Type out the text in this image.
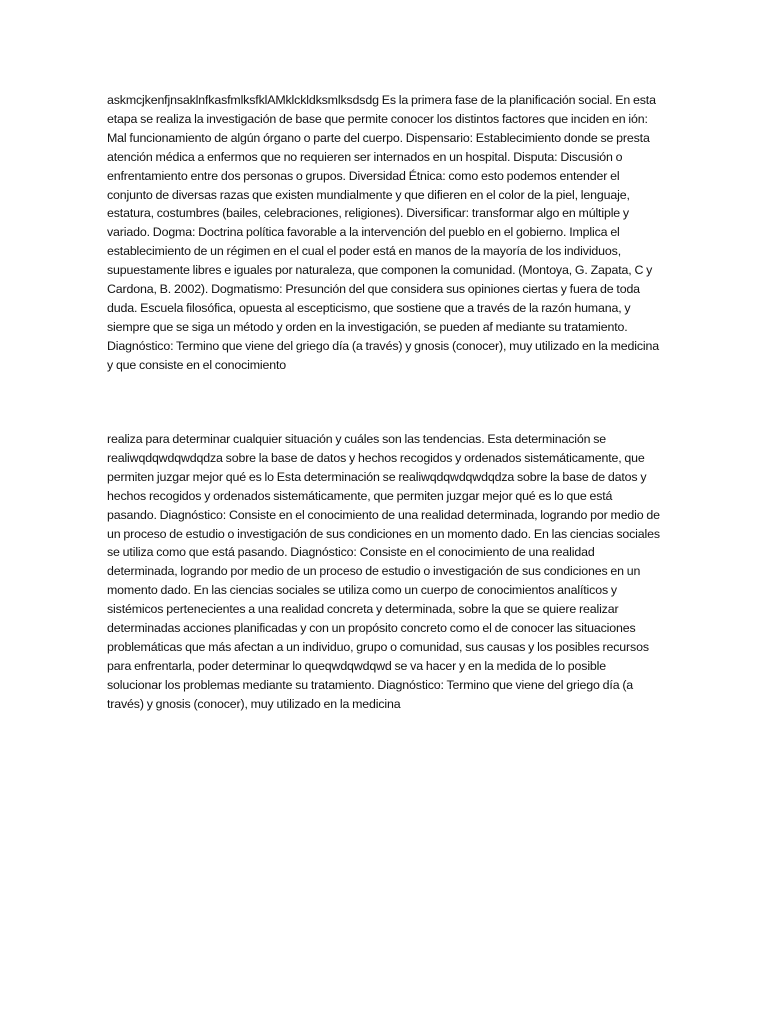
askmcjkenfjnsaklnfkasfmlksfklAMklckldksmlksdsdg Es la primera fase de la planificación social. En esta etapa se realiza la investigación de base que permite conocer los distintos factores que inciden en ión: Mal funcionamiento de algún órgano o parte del cuerpo. Dispensario: Establecimiento donde se presta atención médica a enfermos que no requieren ser internados en un hospital. Disputa: Discusión o enfrentamiento entre dos personas o grupos. Diversidad Étnica: como esto podemos entender el conjunto de diversas razas que existen mundialmente y que difieren en el color de la piel, lenguaje, estatura, costumbres (bailes, celebraciones, religiones). Diversificar: transformar algo en múltiple y variado. Dogma: Doctrina política favorable a la intervención del pueblo en el gobierno. Implica el establecimiento de un régimen en el cual el poder está en manos de la mayoría de los individuos, supuestamente libres e iguales por naturaleza, que componen la comunidad. (Montoya, G. Zapata, C y Cardona, B. 2002). Dogmatismo: Presunción del que considera sus opiniones ciertas y fuera de toda duda. Escuela filosófica, opuesta al escepticismo, que sostiene que a través de la razón humana, y siempre que se siga un método y orden en la investigación, se pueden af mediante su tratamiento. Diagnóstico: Termino que viene del griego día (a través) y gnosis (conocer), muy utilizado en la medicina y que consiste en el conocimiento

realiza para determinar cualquier situación y cuáles son las tendencias. Esta determinación se realiwqdqwdqwdqdza sobre la base de datos y hechos recogidos y ordenados sistemáticamente, que permiten juzgar mejor qué es lo Esta determinación se realiwqdqwdqwdqdza sobre la base de datos y hechos recogidos y ordenados sistemáticamente, que permiten juzgar mejor qué es lo que está pasando. Diagnóstico: Consiste en el conocimiento de una realidad determinada, logrando por medio de un proceso de estudio o investigación de sus condiciones en un momento dado. En las ciencias sociales se utiliza como que está pasando. Diagnóstico: Consiste en el conocimiento de una realidad determinada, logrando por medio de un proceso de estudio o investigación de sus condiciones en un momento dado. En las ciencias sociales se utiliza como un cuerpo de conocimientos analíticos y sistémicos pertenecientes a una realidad concreta y determinada, sobre la que se quiere realizar determinadas acciones planificadas y con un propósito concreto como el de conocer las situaciones problemáticas que más afectan a un individuo, grupo o comunidad, sus causas y los posibles recursos para enfrentarla, poder determinar lo queqwdqwdqwd se va hacer y en la medida de lo posible solucionar los problemas mediante su tratamiento. Diagnóstico: Termino que viene del griego día (a través) y gnosis (conocer), muy utilizado en la medicina
